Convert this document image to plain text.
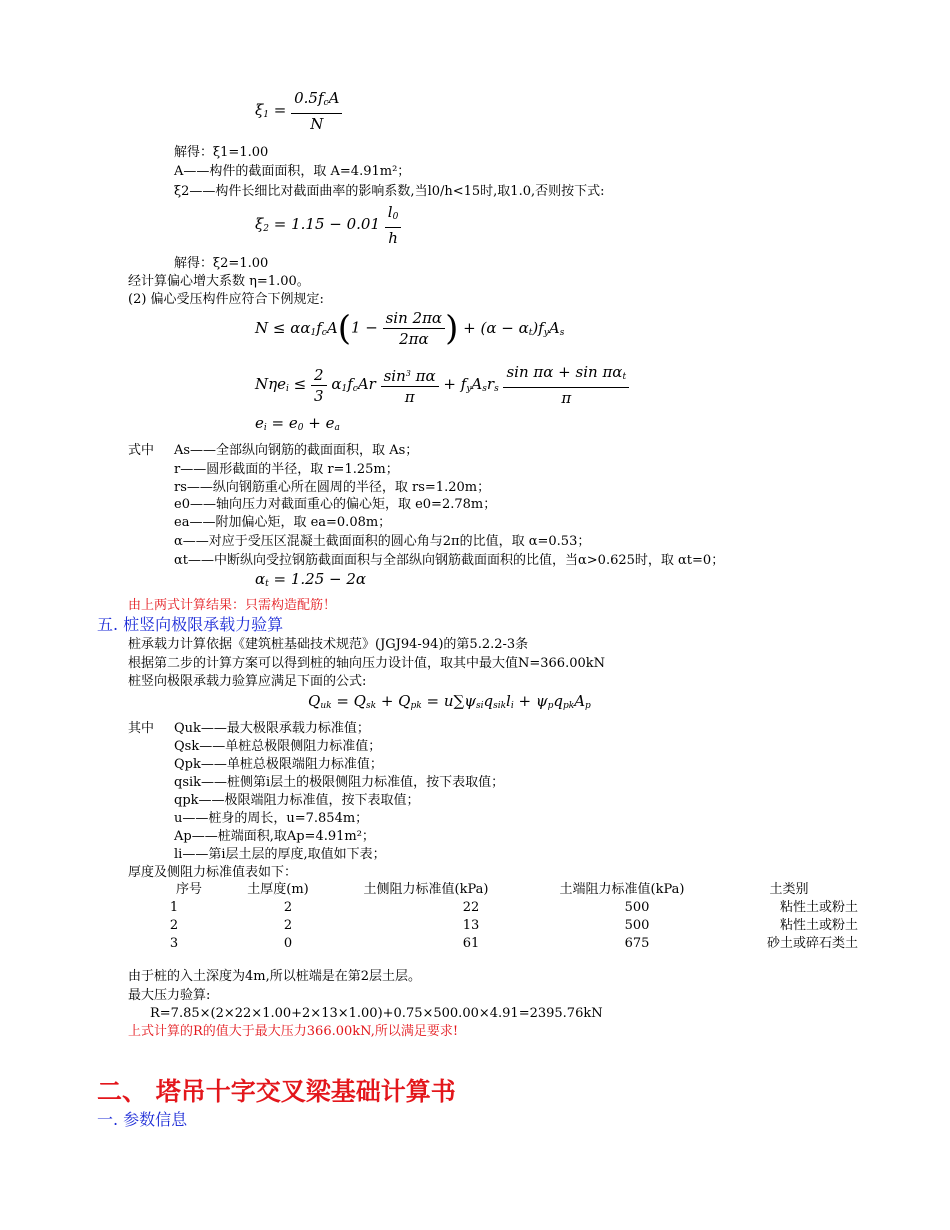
$\xi_1 = \frac{0.5f_cA}{N}$
解得：ξ1=1.00
A——构件的截面面积，取 A=4.91m²；
ξ2——构件长细比对截面曲率的影响系数,当l0/h<15时,取1.0,否则按下式:
$\xi_2 = 1.15 - 0.01 \frac{l_0}{h}$
解得：ξ2=1.00
经计算偏心增大系数 η=1.00。
(2) 偏心受压构件应符合下例规定:
$N \le \alpha\alpha_1f_cA(1 - \frac{\sin 2\pi\alpha}{2\pi\alpha}$ ) + $(\alpha - \alpha_t)f_yA_s$
$N\eta e_i \le \frac{2}{3} \alpha_1f_cAr \frac{\sin^3 \pi\alpha}{\pi} + f_yA_sr_s \frac{\sin \pi\alpha + \sin \pi\alpha_t}{\pi}$
$e_i = e_0 + e_a$
式中 As——全部纵向钢筋的截面面积，取 As；
r——圆形截面的半径，取 r=1.25m；
rs——纵向钢筋重心所在圆周的半径，取 rs=1.20m；
e0——轴向压力对截面重心的偏心矩，取 e0=2.78m；
ea——附加偏心矩，取 ea=0.08m；
α——对应于受压区混凝土截面面积的圆心角与2π的比值，取 α=0.53；
αt——中断纵向受拉钢筋截面面积与全部纵向钢筋截面面积的比值，当α>0.625时，取 αt=0；
$\alpha_t = 1.25 - 2\alpha$
由上两式计算结果：只需构造配筋！
五. 桩竖向极限承载力验算
桩承载力计算依据《建筑桩基础技术规范》(JGJ94-94)的第5.2.2-3条
根据第二步的计算方案可以得到桩的轴向压力设计值，取其中最大值N=366.00kN
桩竖向极限承载力验算应满足下面的公式:
$Q_{uk} = Q_{sk} + Q_{pk} = u\sum\psi_{si}q_{sik}l_i + \psi_pq_{pk}A_p$
其中 Quk——最大极限承载力标准值；
Qsk——单桩总极限侧阻力标准值；
Qpk——单桩总极限端阻力标准值；
qsik——桩侧第i层土的极限侧阻力标准值，按下表取值；
qpk——极限端阻力标准值，按下表取值；
u——桩身的周长，u=7.854m；
Ap——桩端面积,取Ap=4.91m²；
li——第i层土层的厚度,取值如下表；
厚度及侧阻力标准值表如下：
序号	土厚度(m)	土侧阻力标准值(kPa)	土端阻力标准值(kPa)	土类别
1	2	22	500	粘性土或粉土
2	2	13	500	粘性土或粉土
3	0	61	675	砂土或碎石类土
由于桩的入土深度为4m,所以桩端是在第2层土层。
最大压力验算:
R=7.85×(2×22×1.00+2×13×1.00)+0.75×500.00×4.91=2395.76kN
上式计算的R的值大于最大压力366.00kN,所以满足要求!
二、 塔吊十字交叉梁基础计算书
一. 参数信息
